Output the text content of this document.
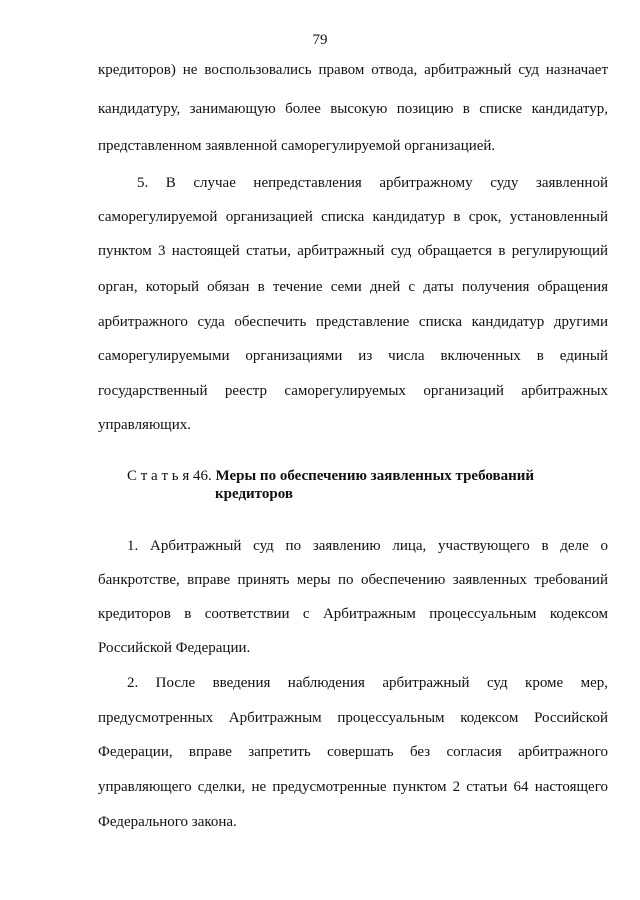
79
кредиторов) не воспользовались правом отвода, арбитражный суд назначает
кандидатуру, занимающую более высокую позицию в списке кандидатур,
представленном заявленной саморегулируемой организацией.
5. В случае непредставления арбитражному суду заявленной
саморегулируемой организацией списка кандидатур в срок, установленный
пунктом 3 настоящей статьи, арбитражный суд обращается в регулирующий
орган, который обязан в течение семи дней с даты получения обращения
арбитражного суда обеспечить представление списка кандидатур другими
саморегулируемыми организациями из числа включенных в единый
государственный реестр саморегулируемых организаций арбитражных
управляющих.
С т а т ь я 46. Меры по обеспечению заявленных требований
кредиторов
1. Арбитражный суд по заявлению лица, участвующего в деле о
банкротстве, вправе принять меры по обеспечению заявленных требований
кредиторов в соответствии с Арбитражным процессуальным кодексом
Российской Федерации.
2. После введения наблюдения арбитражный суд кроме мер,
предусмотренных Арбитражным процессуальным кодексом Российской
Федерации, вправе запретить совершать без согласия арбитражного
управляющего сделки, не предусмотренные пунктом 2 статьи 64 настоящего
Федерального закона.
